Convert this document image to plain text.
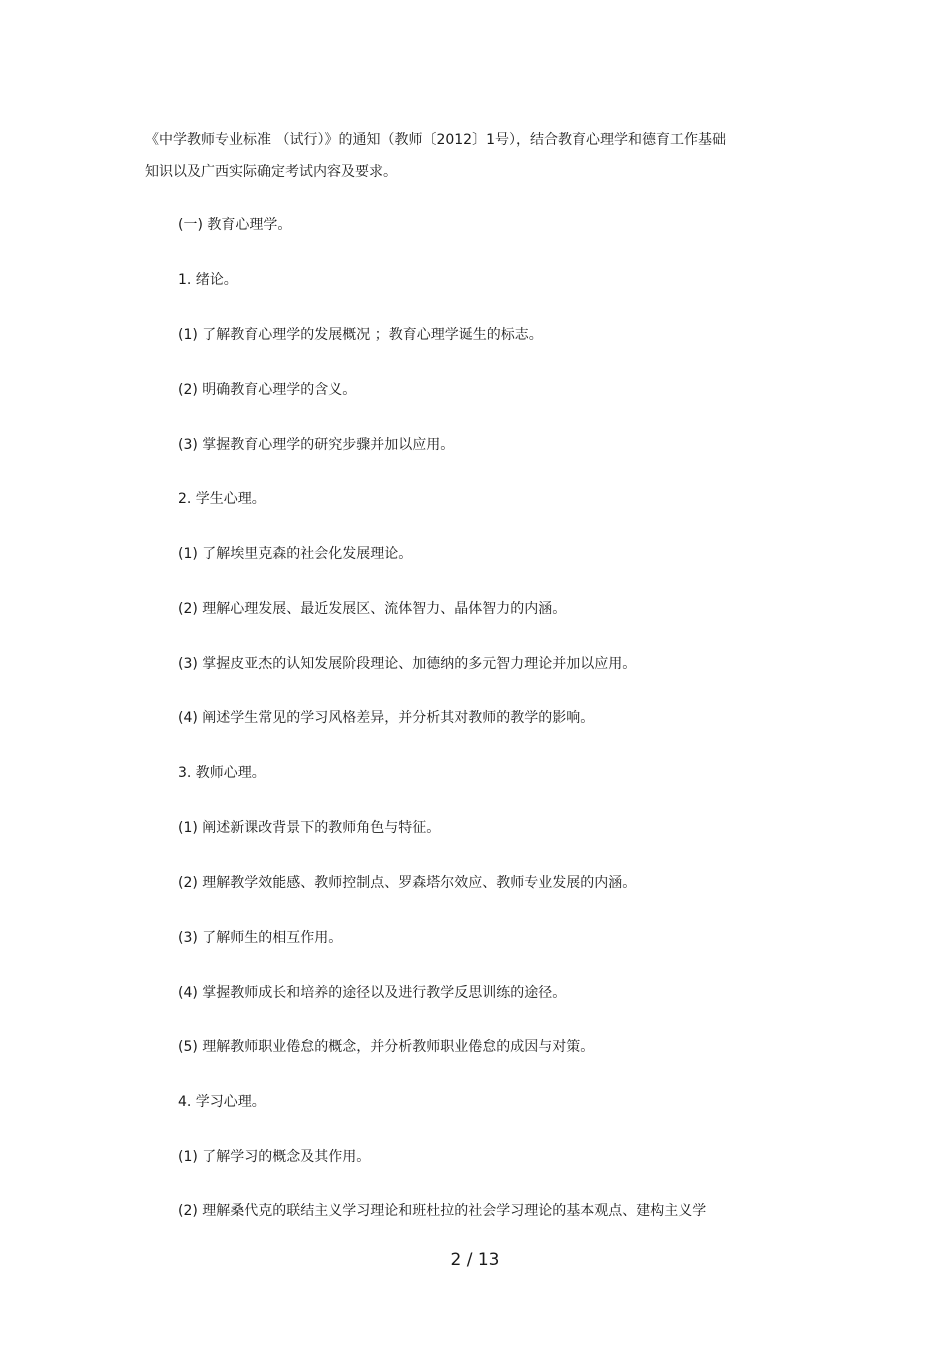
《中学教师专业标准 （试行）》的通知（教师〔2012〕1号），结合教育心理学和德育工作基础
知识以及广西实际确定考试内容及要求。

(一) 教育心理学。

1. 绪论。

(1) 了解教育心理学的发展概况 ；教育心理学诞生的标志。

(2) 明确教育心理学的含义。

(3) 掌握教育心理学的研究步骤并加以应用。

2. 学生心理。

(1) 了解埃里克森的社会化发展理论。

(2) 理解心理发展、最近发展区、流体智力、晶体智力的内涵。

(3) 掌握皮亚杰的认知发展阶段理论、加德纳的多元智力理论并加以应用。

(4) 阐述学生常见的学习风格差异，并分析其对教师的教学的影响。

3. 教师心理。

(1) 阐述新课改背景下的教师角色与特征。

(2) 理解教学效能感、教师控制点、罗森塔尔效应、教师专业发展的内涵。

(3) 了解师生的相互作用。

(4) 掌握教师成长和培养的途径以及进行教学反思训练的途径。

(5) 理解教师职业倦怠的概念，并分析教师职业倦怠的成因与对策。

4. 学习心理。

(1) 了解学习的概念及其作用。

(2) 理解桑代克的联结主义学习理论和班杜拉的社会学习理论的基本观点、建构主义学

2 / 13
